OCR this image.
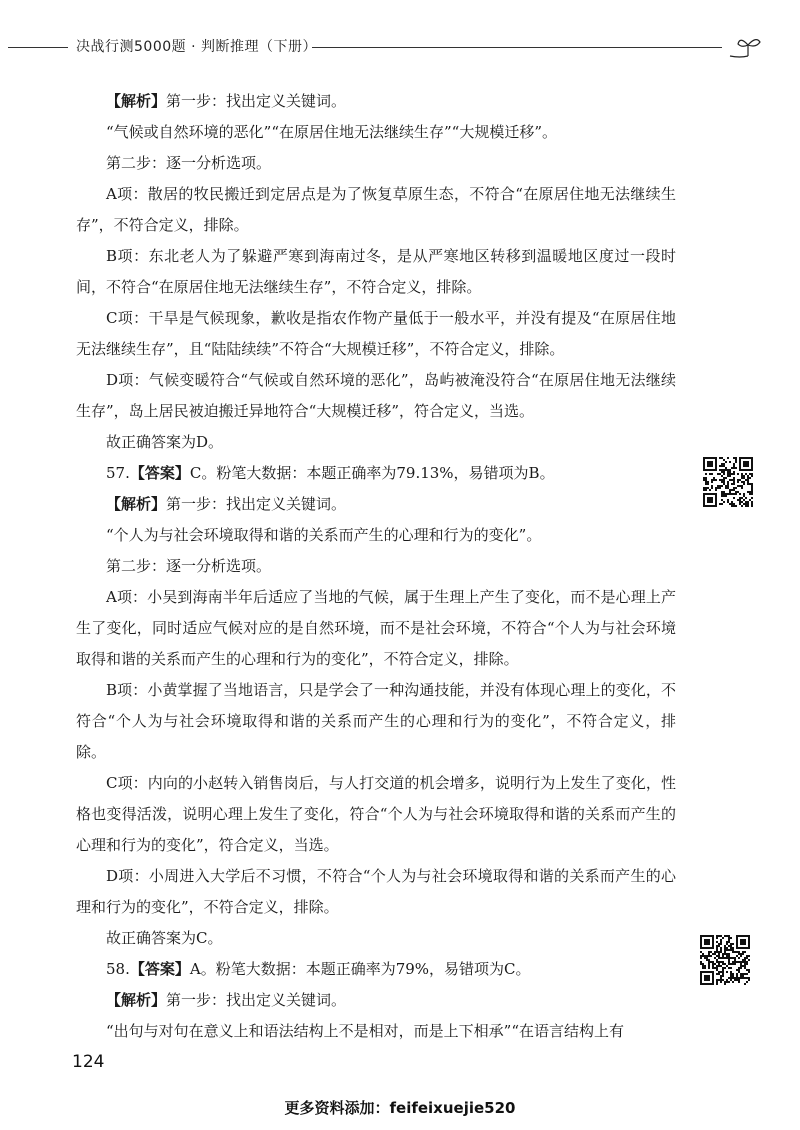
决战行测5000题 · 判断推理（下册）

【解析】第一步：找出定义关键词。

“气候或自然环境的恶化”“在原居住地无法继续生存”“大规模迁移”。

第二步：逐一分析选项。

A项：散居的牧民搬迁到定居点是为了恢复草原生态，不符合“在原居住地无法继续生存”，不符合定义，排除。

B项：东北老人为了躲避严寒到海南过冬，是从严寒地区转移到温暖地区度过一段时间，不符合“在原居住地无法继续生存”，不符合定义，排除。

C项：干旱是气候现象，歉收是指农作物产量低于一般水平，并没有提及“在原居住地无法继续生存”，且“陆陆续续”不符合“大规模迁移”，不符合定义，排除。

D项：气候变暖符合“气候或自然环境的恶化”，岛屿被淹没符合“在原居住地无法继续生存”，岛上居民被迫搬迁异地符合“大规模迁移”，符合定义，当选。

故正确答案为D。

57.【答案】C。粉笔大数据：本题正确率为79.13%，易错项为B。

【解析】第一步：找出定义关键词。

“个人为与社会环境取得和谐的关系而产生的心理和行为的变化”。

第二步：逐一分析选项。

A项：小吴到海南半年后适应了当地的气候，属于生理上产生了变化，而不是心理上产生了变化，同时适应气候对应的是自然环境，而不是社会环境，不符合“个人为与社会环境取得和谐的关系而产生的心理和行为的变化”，不符合定义，排除。

B项：小黄掌握了当地语言，只是学会了一种沟通技能，并没有体现心理上的变化，不符合“个人为与社会环境取得和谐的关系而产生的心理和行为的变化”，不符合定义，排除。

C项：内向的小赵转入销售岗后，与人打交道的机会增多，说明行为上发生了变化，性格也变得活泼，说明心理上发生了变化，符合“个人为与社会环境取得和谐的关系而产生的心理和行为的变化”，符合定义，当选。

D项：小周进入大学后不习惯，不符合“个人为与社会环境取得和谐的关系而产生的心理和行为的变化”，不符合定义，排除。

故正确答案为C。

58.【答案】A。粉笔大数据：本题正确率为79%，易错项为C。

【解析】第一步：找出定义关键词。

“出句与对句在意义上和语法结构上不是相对，而是上下相承”“在语言结构上有

124
更多资料添加：feifeixuejie520
